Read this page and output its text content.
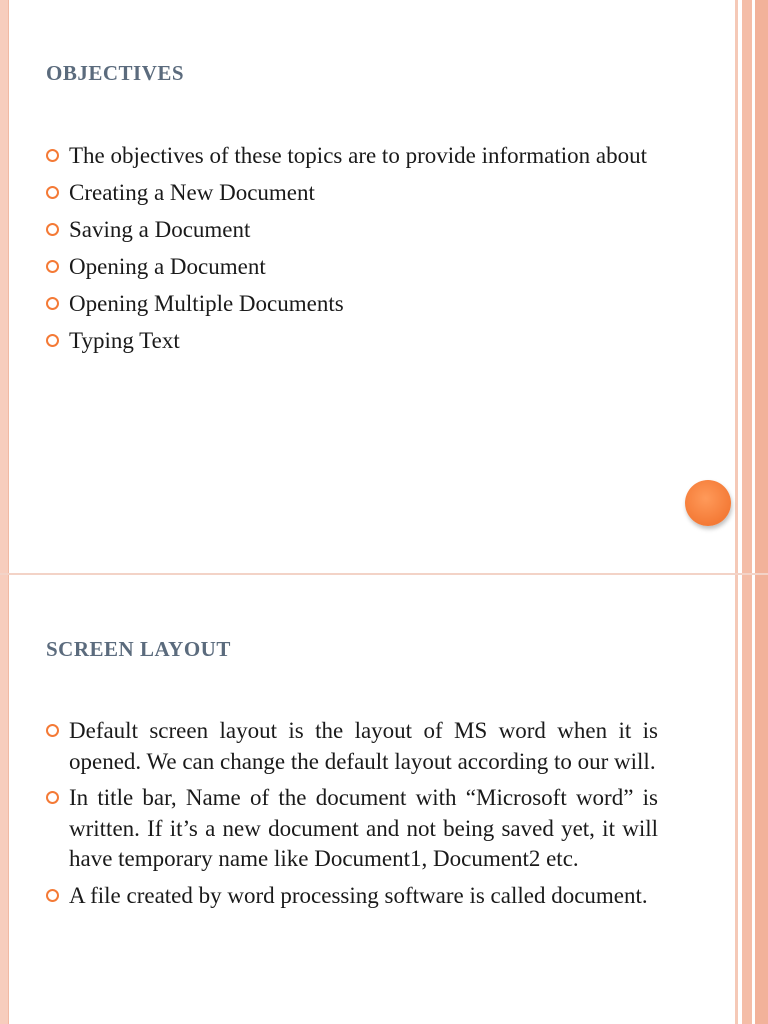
OBJECTIVES
The objectives of these topics are to provide information about
Creating a New Document
Saving a Document
Opening a Document
Opening Multiple Documents
Typing Text
SCREEN LAYOUT
Default screen layout is the layout of MS word when it is opened. We can change the default layout according to our will.
In title bar, Name of the document with “Microsoft word” is written. If it’s a new document and not being saved yet, it will have temporary name like Document1, Document2 etc.
A file created by word processing software is called document.
